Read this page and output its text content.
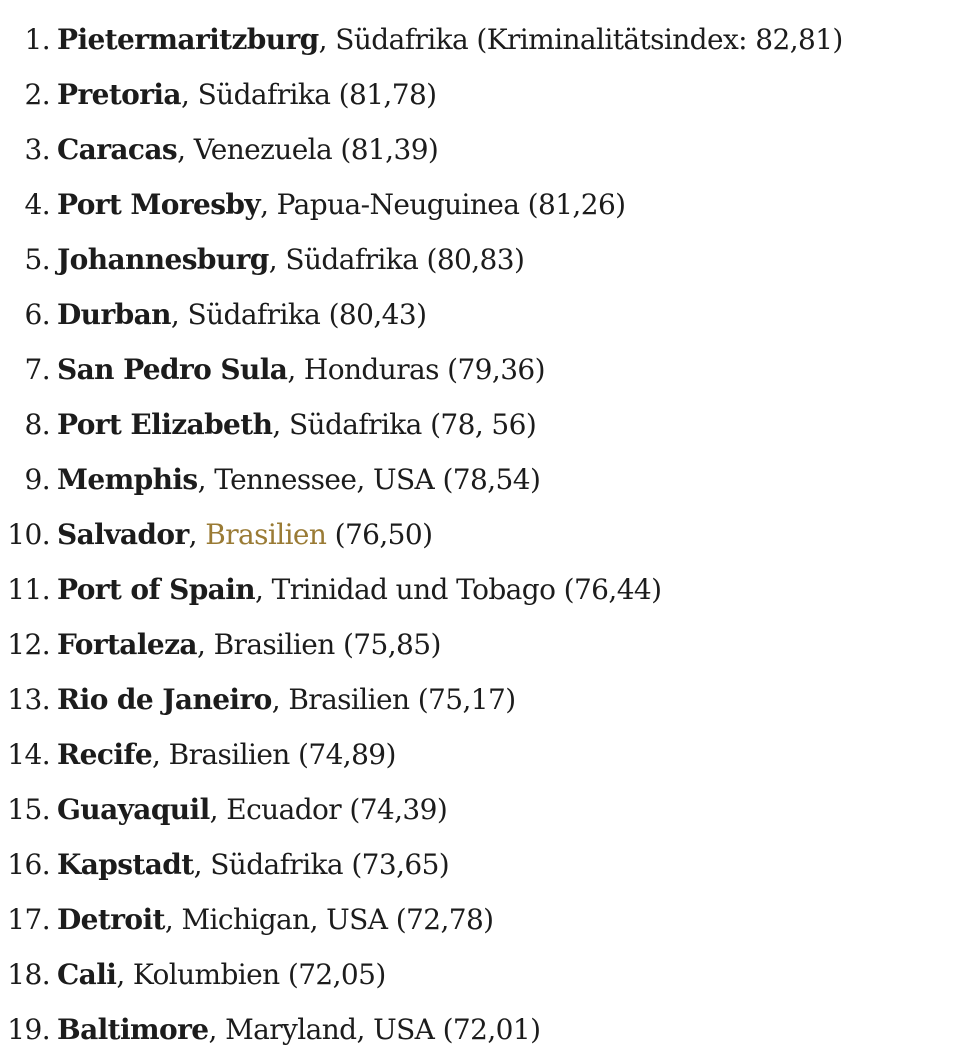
1. Pietermaritzburg, Südafrika (Kriminalitätsindex: 82,81)
2. Pretoria, Südafrika (81,78)
3. Caracas, Venezuela (81,39)
4. Port Moresby, Papua-Neuguinea (81,26)
5. Johannesburg, Südafrika (80,83)
6. Durban, Südafrika (80,43)
7. San Pedro Sula, Honduras (79,36)
8. Port Elizabeth, Südafrika (78, 56)
9. Memphis, Tennessee, USA (78,54)
10. Salvador, Brasilien (76,50)
11. Port of Spain, Trinidad und Tobago (76,44)
12. Fortaleza, Brasilien (75,85)
13. Rio de Janeiro, Brasilien (75,17)
14. Recife, Brasilien (74,89)
15. Guayaquil, Ecuador (74,39)
16. Kapstadt, Südafrika (73,65)
17. Detroit, Michigan, USA (72,78)
18. Cali, Kolumbien (72,05)
19. Baltimore, Maryland, USA (72,01)
